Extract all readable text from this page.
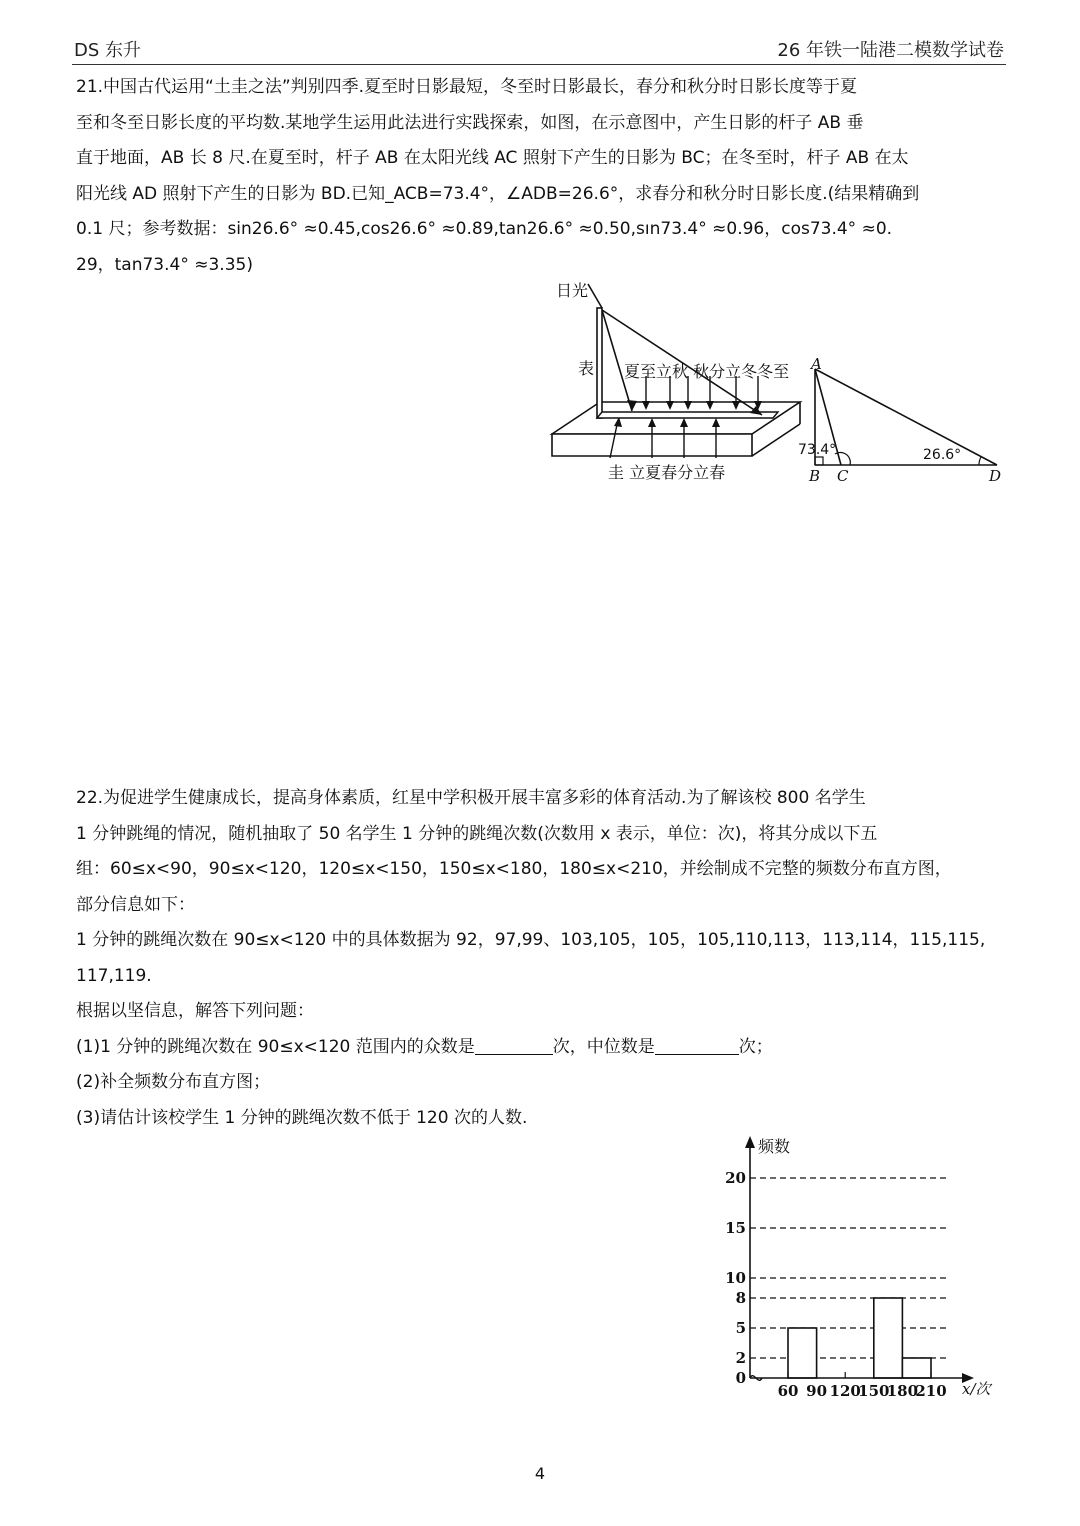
DS 东升	26 年铁一陆港二模数学试卷
21.中国古代运用“土圭之法”判别四季.夏至时日影最短，冬至时日影最长，春分和秋分时日影长度等于夏
至和冬至日影长度的平均数.某地学生运用此法进行实践探索，如图，在示意图中，产生日影的杆子 AB 垂
直于地面，AB 长 8 尺.在夏至时，杆子 AB 在太阳光线 AC 照射下产生的日影为 BC；在冬至时，杆子 AB 在太
阳光线 AD 照射下产生的日影为 BD.已知_ACB=73.4°，∠ADB=26.6°，求春分和秋分时日影长度.(结果精确到
0.1 尺；参考数据：sin26.6° ≈0.45,cos26.6° ≈0.89,tan26.6° ≈0.50,sın73.4° ≈0.96，cos73.4° ≈0.
29，tan73.4° ≈3.35)
日光
表 夏至立秋 秋分立冬冬至
圭 立夏春分立春
A
B C	D
73.4°	26.6°
22.为促进学生健康成长，提高身体素质，红星中学积极开展丰富多彩的体育活动.为了解该校 800 名学生
1 分钟跳绳的情况，随机抽取了 50 名学生 1 分钟的跳绳次数(次数用 x 表示，单位：次)，将其分成以下五
组：60≤x<90，90≤x<120，120≤x<150，150≤x<180，180≤x<210，并绘制成不完整的频数分布直方图，
部分信息如下：
1 分钟的跳绳次数在 90≤x<120 中的具体数据为 92，97,99、103,105，105，105,110,113，113,114，115,115,
117,119.
根据以坚信息，解答下列问题：
(1)1 分钟的跳绳次数在 90≤x<120 范围内的众数是	次，中位数是	次；
(2)补全频数分布直方图；
(3)请估计该校学生 1 分钟的跳绳次数不低于 120 次的人数.
0
2
5
8
10
15
20
60 90 120
150
180
210
频数
x/次
4
